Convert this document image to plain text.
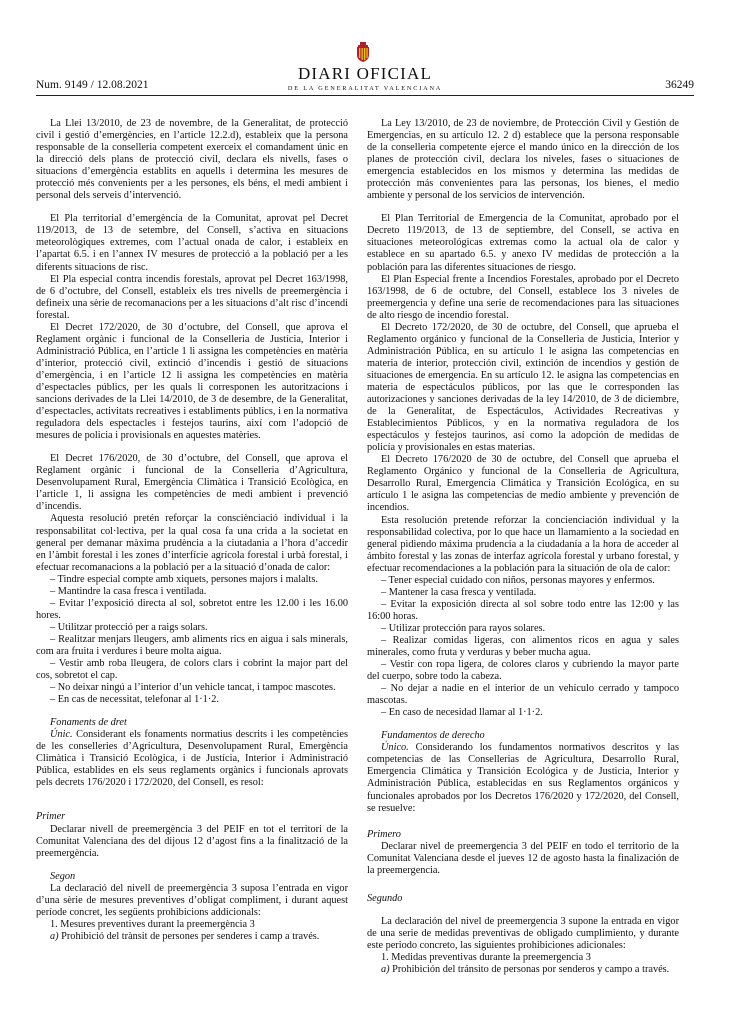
Num. 9149 / 12.08.2021
DIARI OFICIAL
DE LA GENERALITAT VALENCIANA	36249

La Llei 13/2010, de 23 de novembre, de la Generalitat, de protecció civil i gestió d’emergències, en l’article 12.2.d), estableix que la persona responsable de la conselleria competent exerceix el comandament únic en la direcció dels plans de protecció civil, declara els nivells, fases o situacions d’emergència establits en aquells i determina les mesures de protecció més convenients per a les persones, els béns, el medi ambient i personal dels serveis d’intervenció.

El Pla territorial d’emergència de la Comunitat, aprovat pel Decret 119/2013, de 13 de setembre, del Consell, s’activa en situacions meteorològiques extremes, com l’actual onada de calor, i estableix en l’apartat 6.5. i en l’annex IV mesures de protecció a la població per a les diferents situacions de risc.

El Pla especial contra incendis forestals, aprovat pel Decret 163/1998, de 6 d’octubre, del Consell, estableix els tres nivells de preemergència i defineix una sèrie de recomanacions per a les situacions d’alt risc d’incendi forestal.

El Decret 172/2020, de 30 d’octubre, del Consell, que aprova el Reglament orgànic i funcional de la Conselleria de Justícia, Interior i Administració Pública, en l’article 1 li assigna les competències en matèria d’interior, protecció civil, extinció d’incendis i gestió de situacions d’emergència, i en l’article 12 li assigna les competències en matèria d’espectacles públics, per les quals li corresponen les autoritzacions i sancions derivades de la Llei 14/2010, de 3 de desembre, de la Generalitat, d’espectacles, activitats recreatives i establiments públics, i en la normativa reguladora dels espectacles i festejos taurins, així com l’adopció de mesures de policia i provisionals en aquestes matèries.

El Decret 176/2020, de 30 d’octubre, del Consell, que aprova el Reglament orgànic i funcional de la Conselleria d’Agricultura, Desenvolupament Rural, Emergència Climàtica i Transició Ecològica, en l’article 1, li assigna les competències de medi ambient i prevenció d’incendis.

Aquesta resolució pretén reforçar la consciènciació individual i la responsabilitat col·lectiva, per la qual cosa fa una crida a la societat en general per demanar màxima prudència a la ciutadania a l’hora d’accedir en l’àmbit forestal i les zones d’interfície agrícola forestal i urbà forestal, i efectuar recomanacions a la població per a la situació d’onada de calor:

– Tindre especial compte amb xiquets, persones majors i malalts.

– Mantindre la casa fresca i ventilada.

– Evitar l’exposició directa al sol, sobretot entre les 12.00 i les 16.00 hores.

– Utilitzar protecció per a raigs solars.

– Realitzar menjars lleugers, amb aliments rics en aigua i sals minerals, com ara fruita i verdures i beure molta aigua.

– Vestir amb roba lleugera, de colors clars i cobrint la major part del cos, sobretot el cap.

– No deixar ningú a l’interior d’un vehicle tancat, i tampoc mascotes.

– En cas de necessitat, telefonar al 1·1·2.

Fonaments de dret

Únic. Considerant els fonaments normatius descrits i les competències de les conselleries d’Agricultura, Desenvolupament Rural, Emergència Climàtica i Transició Ecològica, i de Justícia, Interior i Administració Pública, establides en els seus reglaments orgànics i funcionals aprovats pels decrets 176/2020 i 172/2020, del Consell, es resol:

Primer

Declarar nivell de preemergència 3 del PEIF en tot el territori de la Comunitat Valenciana des del dijous 12 d’agost fins a la finalització de la preemergència.

Segon

La declaració del nivell de preemergència 3 suposa l’entrada en vigor d’una sèrie de mesures preventives d’obligat compliment, i durant aquest període concret, les següents prohibicions addicionals:

1. Mesures preventives durant la preemergència 3

a) Prohibició del trànsit de persones per senderes i camp a través.

La Ley 13/2010, de 23 de noviembre, de Protección Civil y Gestión de Emergencias, en su artículo 12. 2 d) establece que la persona responsable de la conselleria competente ejerce el mando único en la dirección de los planes de protección civil, declara los niveles, fases o situaciones de emergencia establecidos en los mismos y determina las medidas de protección más convenientes para las personas, los bienes, el medio ambiente y personal de los servicios de intervención.

El Plan Territorial de Emergencia de la Comunitat, aprobado por el Decreto 119/2013, de 13 de septiembre, del Consell, se activa en situaciones meteorológicas extremas como la actual ola de calor y establece en su apartado 6.5. y anexo IV medidas de protección a la población para las diferentes situaciones de riesgo.

El Plan Especial frente a Incendios Forestales, aprobado por el Decreto 163/1998, de 6 de octubre, del Consell, establece los 3 niveles de preemergencia y define una serie de recomendaciones para las situaciones de alto riesgo de incendio forestal.

El Decreto 172/2020, de 30 de octubre, del Consell, que aprueba el Reglamento orgánico y funcional de la Conselleria de Justicia, Interior y Administración Pública, en su artículo 1 le asigna las competencias en materia de interior, protección civil, extinción de incendios y gestión de situaciones de emergencia. En su artículo 12. le asigna las competencias en materia de espectáculos públicos, por las que le corresponden las autorizaciones y sanciones derivadas de la ley 14/2010, de 3 de diciembre, de la Generalitat, de Espectáculos, Actividades Recreativas y Establecimientos Públicos, y en la normativa reguladora de los espectáculos y festejos taurinos, así como la adopción de medidas de policía y provisionales en estas materias.

El Decreto 176/2020 de 30 de octubre, del Consell que aprueba el Reglamento Orgánico y funcional de la Conselleria de Agricultura, Desarrollo Rural, Emergencia Climática y Transición Ecológica, en su artículo 1 le asigna las competencias de medio ambiente y prevención de incendios.

Esta resolución pretende reforzar la concienciación individual y la responsabilidad colectiva, por lo que hace un llamamiento a la sociedad en general pidiendo máxima prudencia a la ciudadanía a la hora de acceder al ámbito forestal y las zonas de interfaz agrícola forestal y urbano forestal, y efectuar recomendaciones a la población para la situación de ola de calor:

– Tener especial cuidado con niños, personas mayores y enfermos.

– Mantener la casa fresca y ventilada.

– Evitar la exposición directa al sol sobre todo entre las 12:00 y las 16:00 horas.

– Utilizar protección para rayos solares.

– Realizar comidas ligeras, con alimentos ricos en agua y sales minerales, como fruta y verduras y beber mucha agua.

– Vestir con ropa ligera, de colores claros y cubriendo la mayor parte del cuerpo, sobre todo la cabeza.

– No dejar a nadie en el interior de un vehículo cerrado y tampoco mascotas.

– En caso de necesidad llamar al 1·1·2.

Fundamentos de derecho

Único. Considerando los fundamentos normativos descritos y las competencias de las Consellerias de Agricultura, Desarrollo Rural, Emergencia Climática y Transición Ecológica y de Justicia, Interior y Administración Pública, establecidas en sus Reglamentos orgánicos y funcionales aprobados por los Decretos 176/2020 y 172/2020, del Consell, se resuelve:

Primero

Declarar nivel de preemergencia 3 del PEIF en todo el territorio de la Comunitat Valenciana desde el jueves 12 de agosto hasta la finalización de la preemergencia.

Segundo

La declaración del nivel de preemergencia 3 supone la entrada en vigor de una serie de medidas preventivas de obligado cumplimiento, y durante este periodo concreto, las siguientes prohibiciones adicionales:

1. Medidas preventivas durante la preemergencia 3

a) Prohibición del tránsito de personas por senderos y campo a través.
